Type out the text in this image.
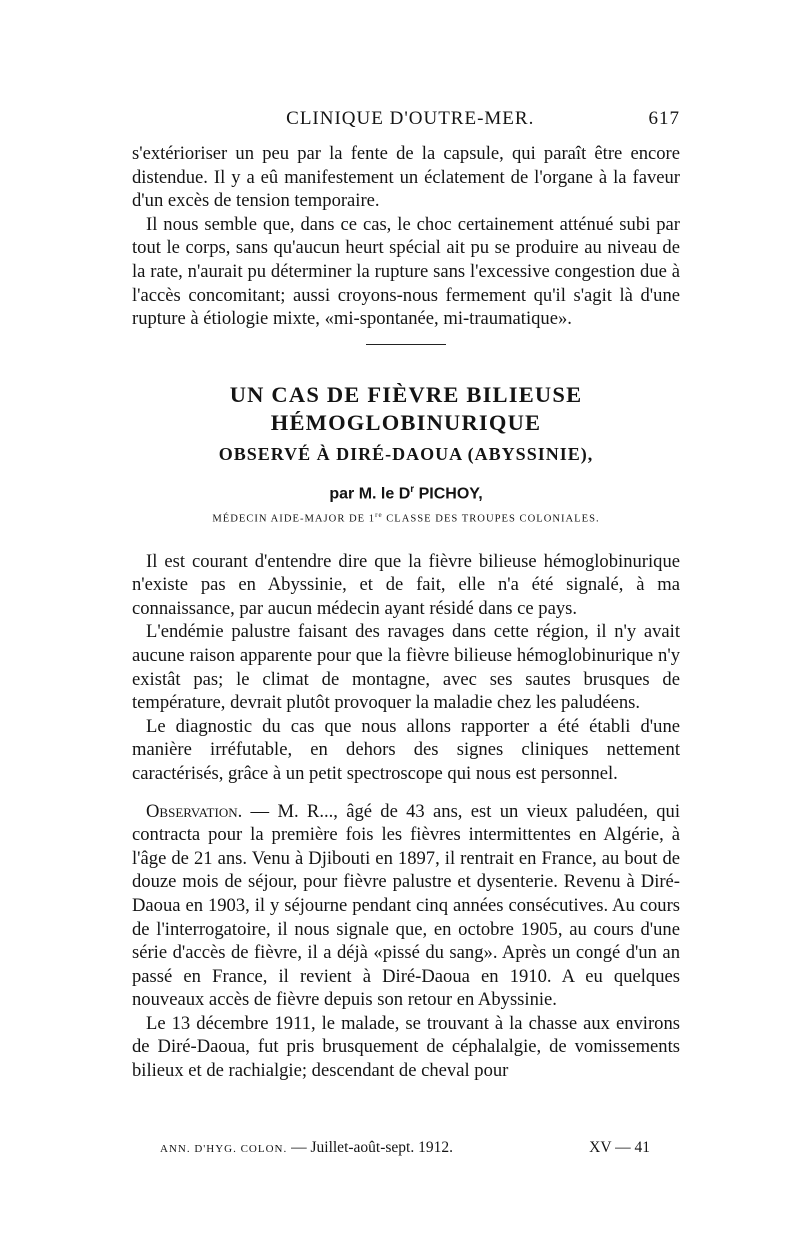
CLINIQUE D'OUTRE-MER.	617

s'extérioriser un peu par la fente de la capsule, qui paraît être encore distendue. Il y a eû manifestement un éclatement de l'organe à la faveur d'un excès de tension temporaire.

Il nous semble que, dans ce cas, le choc certainement atténué subi par tout le corps, sans qu'aucun heurt spécial ait pu se produire au niveau de la rate, n'aurait pu déterminer la rupture sans l'excessive congestion due à l'accès concomitant; aussi croyons-nous fermement qu'il s'agit là d'une rupture à étiologie mixte, «mi-spontanée, mi-traumatique».

UN CAS DE FIÈVRE BILIEUSE HÉMOGLOBINURIQUE
OBSERVÉ À DIRÉ-DAOUA (ABYSSINIE),

par M. le $D^r$ PICHOY,

MÉDECIN AIDE-MAJOR DE 1re CLASSE DES TROUPES COLONIALES.

Il est courant d'entendre dire que la fièvre bilieuse hémoglobinurique n'existe pas en Abyssinie, et de fait, elle n'a été signalé, à ma connaissance, par aucun médecin ayant résidé dans ce pays.

L'endémie palustre faisant des ravages dans cette région, il n'y avait aucune raison apparente pour que la fièvre bilieuse hémoglobinurique n'y existât pas; le climat de montagne, avec ses sautes brusques de température, devrait plutôt provoquer la maladie chez les paludéens.

Le diagnostic du cas que nous allons rapporter a été établi d'une manière irréfutable, en dehors des signes cliniques nettement caractérisés, grâce à un petit spectroscope qui nous est personnel.

Observation. — M. R..., âgé de 43 ans, est un vieux paludéen, qui contracta pour la première fois les fièvres intermittentes en Algérie, à l'âge de 21 ans. Venu à Djibouti en 1897, il rentrait en France, au bout de douze mois de séjour, pour fièvre palustre et dysenterie. Revenu à Diré-Daoua en 1903, il y séjourne pendant cinq années consécutives. Au cours de l'interrogatoire, il nous signale que, en octobre 1905, au cours d'une série d'accès de fièvre, il a déjà «pissé du sang». Après un congé d'un an passé en France, il revient à Diré-Daoua en 1910. A eu quelques nouveaux accès de fièvre depuis son retour en Abyssinie.

Le 13 décembre 1911, le malade, se trouvant à la chasse aux environs de Diré-Daoua, fut pris brusquement de céphalalgie, de vomissements bilieux et de rachialgie; descendant de cheval pour

ANN. D'HYG. COLON. — Juillet-août-sept. 1912.	XV — 41
